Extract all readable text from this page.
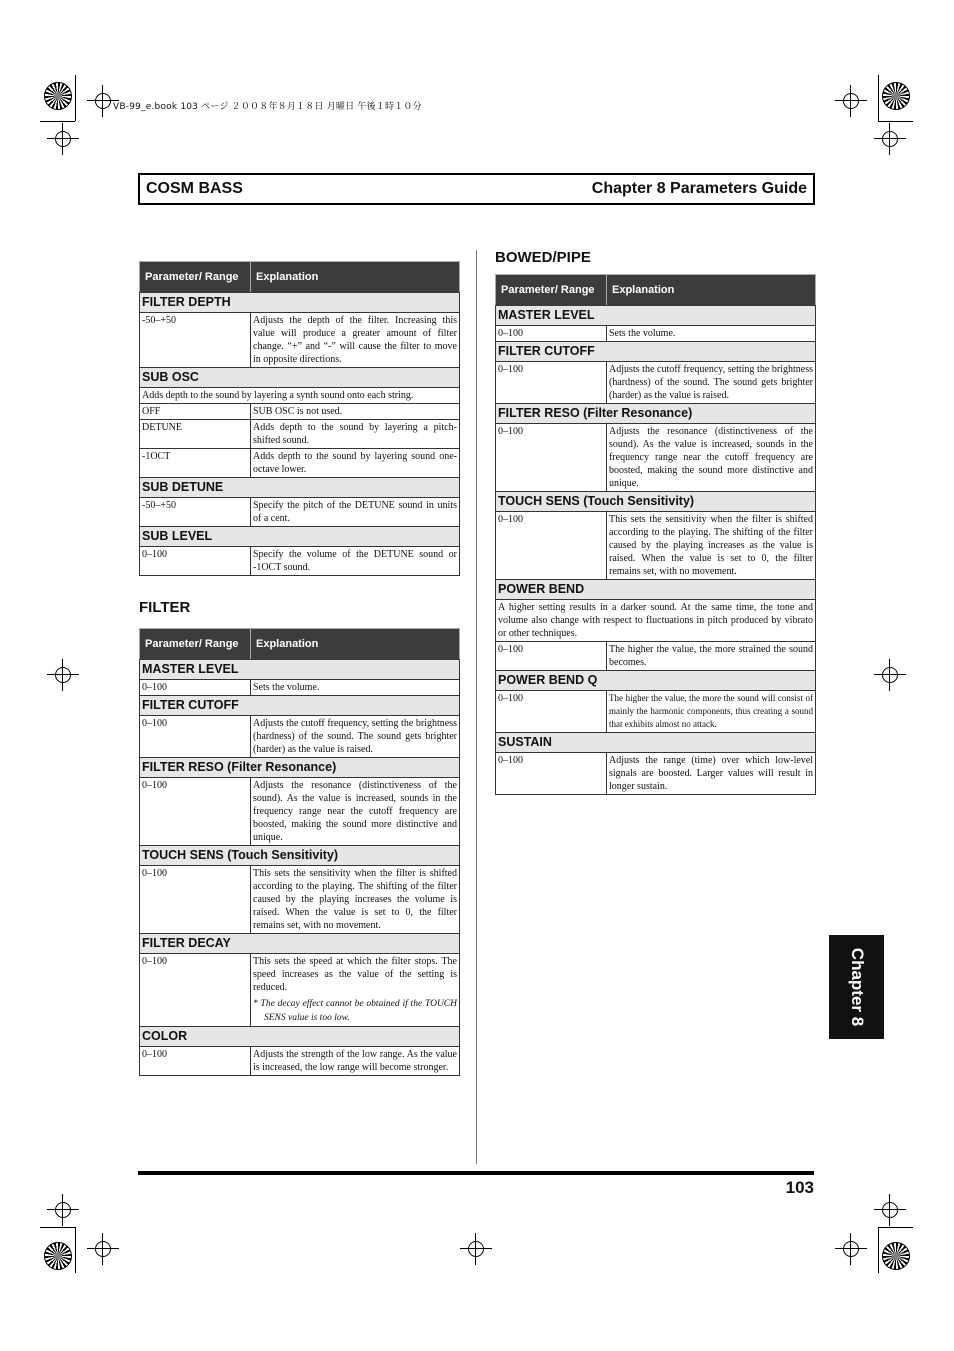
VB-99_e.book 103 ページ ２００８年８月１８日 月曜日 午後１時１０分
COSM BASS	Chapter 8 Parameters Guide
Parameter/ Range	Explanation
FILTER DEPTH	
-50–+50	Adjusts the depth of the filter. Increasing this value will produce a greater amount of filter change. “+” and “-” will cause the filter to move in opposite directions.
SUB OSC	
Adds depth to the sound by layering a synth sound onto each string.	
OFF	SUB OSC is not used.
DETUNE	Adds depth to the sound by layering a pitch-shifted sound.
-1OCT	Adds depth to the sound by layering sound one-octave lower.
SUB DETUNE	
-50–+50	Specify the pitch of the DETUNE sound in units of a cent.
SUB LEVEL	
0–100	Specify the volume of the DETUNE sound or -1OCT sound.
FILTER
Parameter/ Range	Explanation
MASTER LEVEL	
0–100	Sets the volume.
FILTER CUTOFF	
0–100	Adjusts the cutoff frequency, setting the brightness (hardness) of the sound. The sound gets brighter (harder) as the value is raised.
FILTER RESO (Filter Resonance)	
0–100	Adjusts the resonance (distinctiveness of the sound). As the value is increased, sounds in the frequency range near the cutoff frequency are boosted, making the sound more distinctive and unique.
TOUCH SENS (Touch Sensitivity)	
0–100	This sets the sensitivity when the filter is shifted according to the playing. The shifting of the filter caused by the playing increases the volume is raised. When the value is set to 0, the filter remains set, with no movement.
FILTER DECAY	
0–100	This sets the speed at which the filter stops. The speed increases as the value of the setting is reduced.
* The decay effect cannot be obtained if the TOUCH SENS value is too low.

COLOR	
0–100	Adjusts the strength of the low range. As the value is increased, the low range will become stronger.
BOWED/PIPE
Parameter/ Range	Explanation
MASTER LEVEL	
0–100	Sets the volume.
FILTER CUTOFF	
0–100	Adjusts the cutoff frequency, setting the brightness (hardness) of the sound. The sound gets brighter (harder) as the value is raised.
FILTER RESO (Filter Resonance)	
0–100	Adjusts the resonance (distinctiveness of the sound). As the value is increased, sounds in the frequency range near the cutoff frequency are boosted, making the sound more distinctive and unique.
TOUCH SENS (Touch Sensitivity)	
0–100	This sets the sensitivity when the filter is shifted according to the playing. The shifting of the filter caused by the playing increases as the value is raised. When the value is set to 0, the filter remains set, with no movement.
POWER BEND	
A higher setting results in a darker sound. At the same time, the tone and volume also change with respect to fluctuations in pitch produced by vibrato or other techniques.	
0–100	The higher the value, the more strained the sound becomes.
POWER BEND Q	
0–100	The higher the value, the more the sound will consist of mainly the harmonic components, thus creating a sound that exhibits almost no attack.
SUSTAIN	
0–100	Adjusts the range (time) over which low-level signals are boosted. Larger values will result in longer sustain.
Chapter 8
103
